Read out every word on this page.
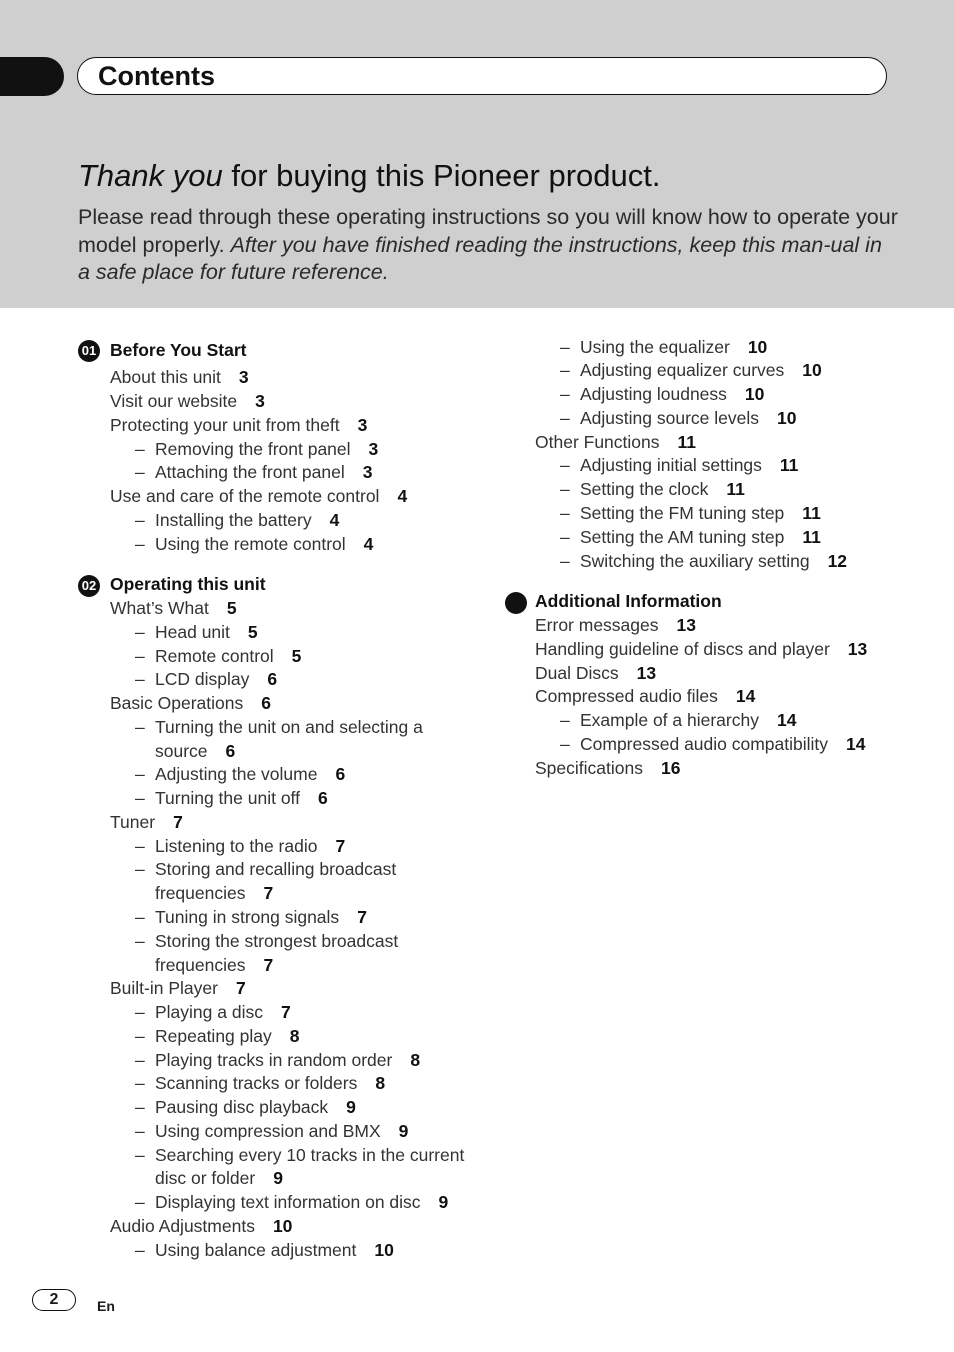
Contents
Thank you for buying this Pioneer product.
Please read through these operating instructions so you will know how to operate your model properly. After you have finished reading the instructions, keep this man-ual in a safe place for future reference.
01 Before You Start
About this unit 3
Visit our website 3
Protecting your unit from theft 3
– Removing the front panel 3
– Attaching the front panel 3
Use and care of the remote control 4
– Installing the battery 4
– Using the remote control 4
02 Operating this unit
What’s What 5
– Head unit 5
– Remote control 5
– LCD display 6
Basic Operations 6
– Turning the unit on and selecting a
source 6
– Adjusting the volume 6
– Turning the unit off 6
Tuner 7
– Listening to the radio 7
– Storing and recalling broadcast
frequencies 7
– Tuning in strong signals 7
– Storing the strongest broadcast
frequencies 7
Built-in Player 7
– Playing a disc 7
– Repeating play 8
– Playing tracks in random order 8
– Scanning tracks or folders 8
– Pausing disc playback 9
– Using compression and BMX 9
– Searching every 10 tracks in the current
disc or folder 9
– Displaying text information on disc 9
Audio Adjustments 10
– Using balance adjustment 10
– Using the equalizer 10
– Adjusting equalizer curves 10
– Adjusting loudness 10
– Adjusting source levels 10
Other Functions 11
– Adjusting initial settings 11
– Setting the clock 11
– Setting the FM tuning step 11
– Setting the AM tuning step 11
– Switching the auxiliary setting 12
Additional Information
Error messages 13
Handling guideline of discs and player 13
Dual Discs 13
Compressed audio files 14
– Example of a hierarchy 14
– Compressed audio compatibility 14
Specifications 16
2	En
